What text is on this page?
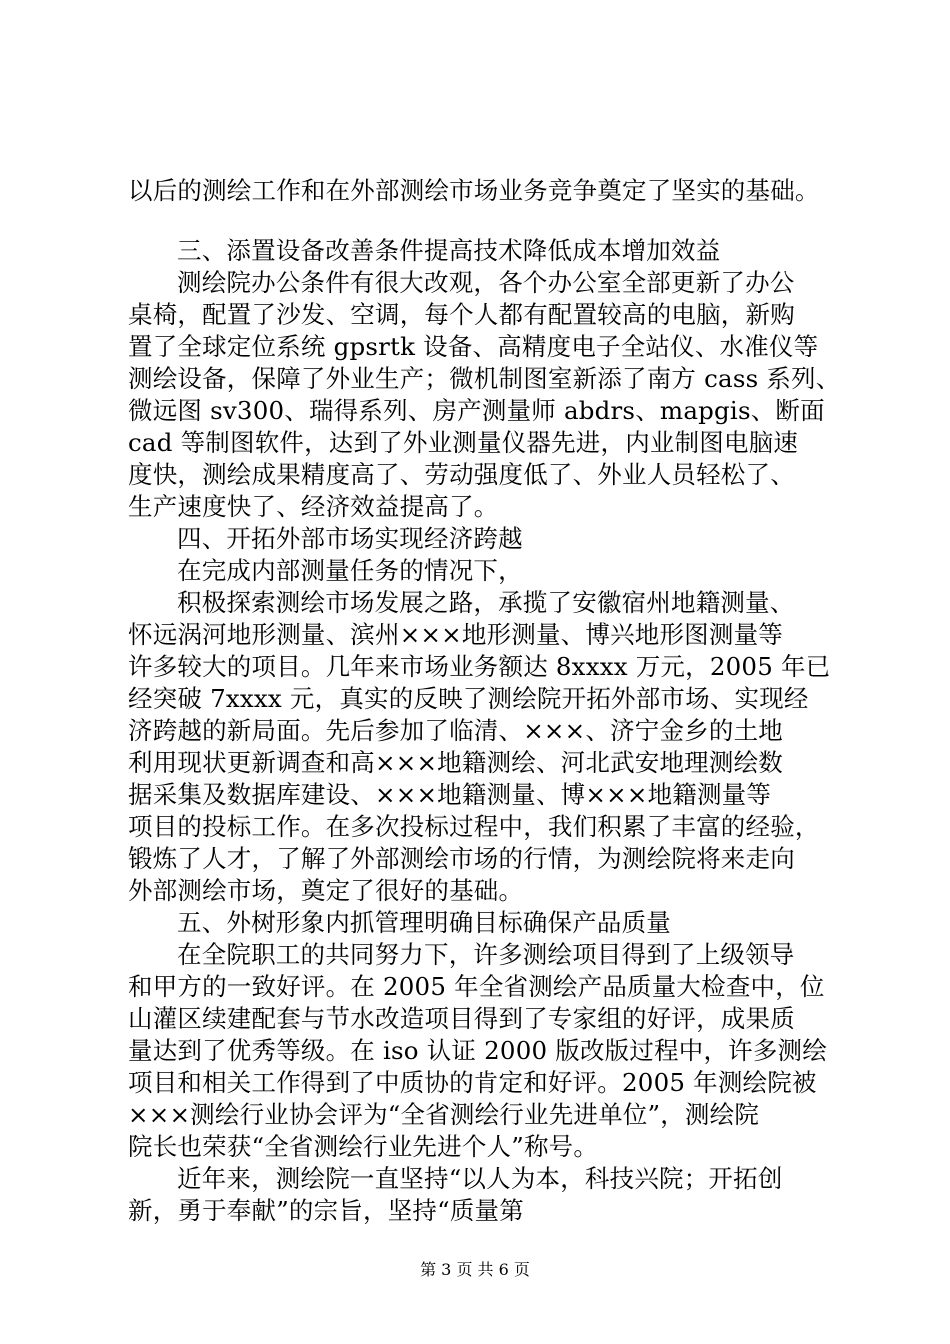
以后的测绘工作和在外部测绘市场业务竞争奠定了坚实的基础。
三、添置设备改善条件提高技术降低成本增加效益
测绘院办公条件有很大改观，各个办公室全部更新了办公
桌椅，配置了沙发、空调，每个人都有配置较高的电脑，新购
置了全球定位系统 gpsrtk 设备、高精度电子全站仪、水准仪等
测绘设备，保障了外业生产；微机制图室新添了南方 cass 系列、
微远图 sv300、瑞得系列、房产测量师 abdrs、mapgis、断面
cad 等制图软件，达到了外业测量仪器先进，内业制图电脑速
度快，测绘成果精度高了、劳动强度低了、外业人员轻松了、
生产速度快了、经济效益提高了。
四、开拓外部市场实现经济跨越
在完成内部测量任务的情况下，
积极探索测绘市场发展之路，承揽了安徽宿州地籍测量、
怀远涡河地形测量、滨州×××地形测量、博兴地形图测量等
许多较大的项目。几年来市场业务额达 8xxxx 万元，2005 年已
经突破 7xxxx 元，真实的反映了测绘院开拓外部市场、实现经
济跨越的新局面。先后参加了临清、×××、济宁金乡的土地
利用现状更新调查和高×××地籍测绘、河北武安地理测绘数
据采集及数据库建设、×××地籍测量、博×××地籍测量等
项目的投标工作。在多次投标过程中，我们积累了丰富的经验，
锻炼了人才，了解了外部测绘市场的行情，为测绘院将来走向
外部测绘市场，奠定了很好的基础。
五、外树形象内抓管理明确目标确保产品质量
在全院职工的共同努力下，许多测绘项目得到了上级领导
和甲方的一致好评。在 2005 年全省测绘产品质量大检查中，位
山灌区续建配套与节水改造项目得到了专家组的好评，成果质
量达到了优秀等级。在 iso 认证 2000 版改版过程中，许多测绘
项目和相关工作得到了中质协的肯定和好评。2005 年测绘院被
×××测绘行业协会评为“全省测绘行业先进单位”，测绘院
院长也荣获“全省测绘行业先进个人”称号。
近年来，测绘院一直坚持“以人为本，科技兴院；开拓创
新，勇于奉献”的宗旨，坚持“质量第
第 3 页 共 6 页
